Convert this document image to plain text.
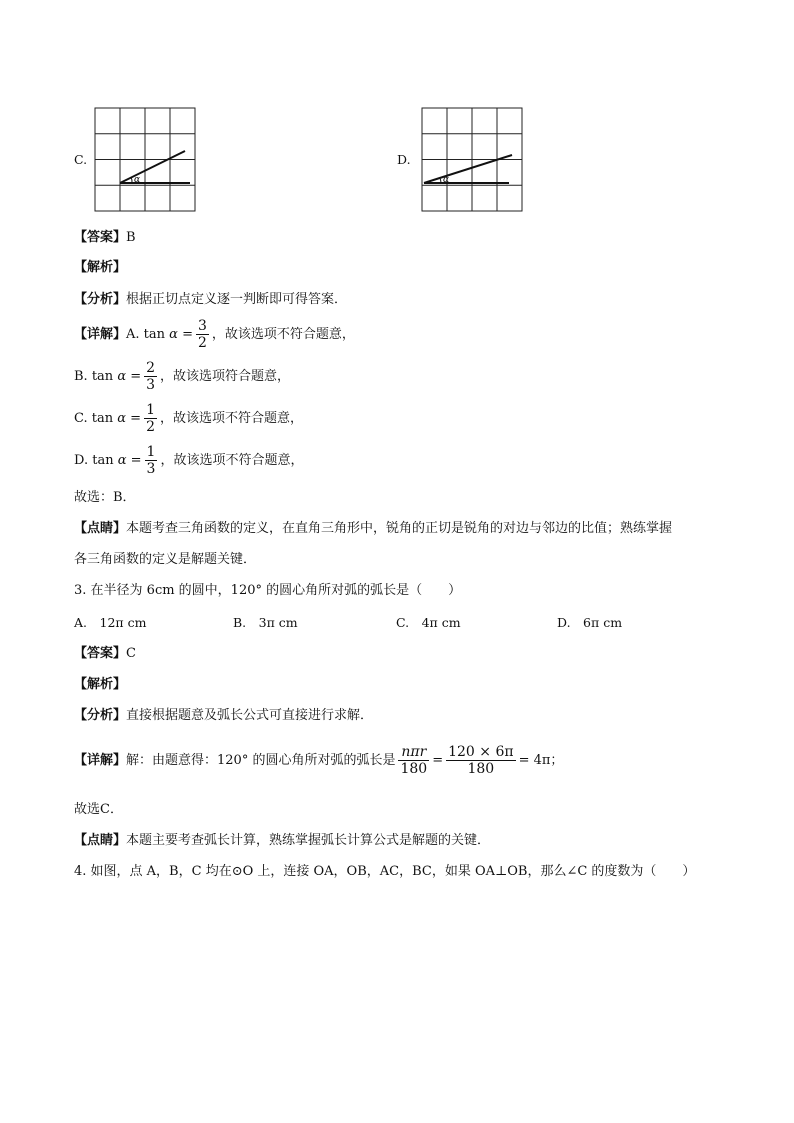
C.
α
D.
α
【答案】B
【解析】
【分析】根据正切点定义逐一判断即可得答案．
【详解】A. $\tan \alpha = \frac{3}{2}$ ，故该选项不符合题意，
B. $\tan \alpha = \frac{2}{3}$ ，故该选项符合题意，
C. $\tan \alpha = \frac{1}{2}$ ，故该选项不符合题意，
D. $\tan \alpha = \frac{1}{3}$ ，故该选项不符合题意，
故选：B．
【点睛】本题考查三角函数的定义，在直角三角形中，锐角的正切是锐角的对边与邻边的比值；熟练掌握
各三角函数的定义是解题关键．
3. 在半径为 6cm 的圆中，120° 的圆心角所对弧的弧长是（　　）
A.　12π cm	B.　3π cm	C.　4π cm	D.　6π cm
【答案】C
【解析】
【分析】直接根据题意及弧长公式可直接进行求解．
【详解】解：由题意得：120° 的圆心角所对弧的弧长是 $\frac{\text{nπr}}{180} = \frac{120 \times 6\pi}{180} = 4\pi$；
故选C．
【点睛】本题主要考查弧长计算，熟练掌握弧长计算公式是解题的关键．
4. 如图，点 A，B，C 均在⊙O 上，连接 OA，OB，AC，BC，如果 OA⊥OB，那么∠C 的度数为（　　）
